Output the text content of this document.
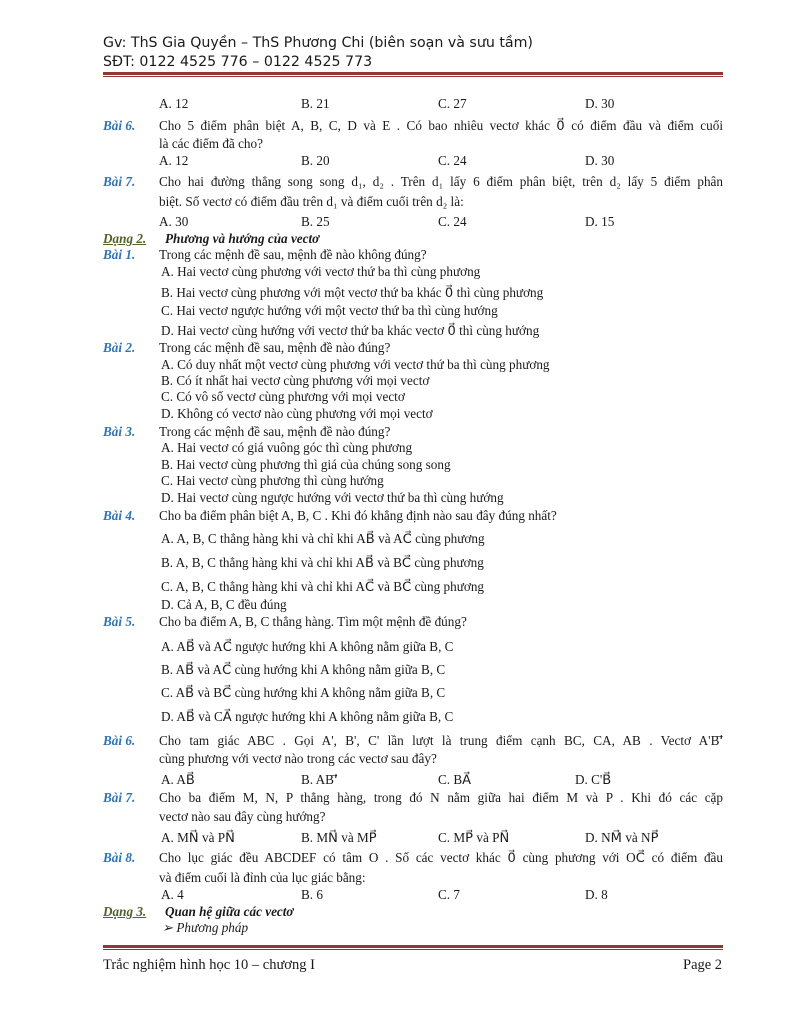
Gv: ThS Gia Quyền – ThS Phương Chi (biên soạn và sưu tầm)
SĐT: 0122 4525 776 – 0122 4525 773
Bài 6.
Bài 7.
Bài 1.
Bài 2.
Bài 3.
Bài 4.
Bài 5.
Bài 6.
Bài 7.
Bài 8.
Dạng 2. Phương và hướng của vectơ
Dạng 3. Quan hệ giữa các vectơ
A. 12	B. 21	C. 27	D. 30
Cho 5 điểm phân biệt A, B, C, D và E . Có bao nhiêu vectơ khác 0⃗ có điểm đầu và điểm cuối
là các điểm đã cho?
A. 12	B. 20	C. 24	D. 30
Cho hai đường thẳng song song d₁, d₂ . Trên d₁ lấy 6 điểm phân biệt, trên d₂ lấy 5 điểm phân
biệt. Số vectơ có điểm đầu trên d₁ và điểm cuối trên d₂ là:
A. 30	B. 25	C. 24	D. 15
Trong các mệnh đề sau, mệnh đề nào không đúng?
A. Hai vectơ cùng phương với vectơ thứ ba thì cùng phương
B. Hai vectơ cùng phương với một vectơ thứ ba khác 0⃗ thì cùng phương
C. Hai vectơ ngược hướng với một vectơ thứ ba thì cùng hướng
D. Hai vectơ cùng hướng với vectơ thứ ba khác vectơ 0⃗ thì cùng hướng
Trong các mệnh đề sau, mệnh đề nào đúng?
A. Có duy nhất một vectơ cùng phương với vectơ thứ ba thì cùng phương
B. Có ít nhất hai vectơ cùng phương với mọi vectơ
C. Có vô số vectơ cùng phương với mọi vectơ
D. Không có vectơ nào cùng phương với mọi vectơ
Trong các mệnh đề sau, mệnh đề nào đúng?
A. Hai vectơ có giá vuông góc thì cùng phương
B. Hai vectơ cùng phương thì giá của chúng song song
C. Hai vectơ cùng phương thì cùng hướng
D. Hai vectơ cùng ngược hướng với vectơ thứ ba thì cùng hướng
Cho ba điểm phân biệt A, B, C . Khi đó khẳng định nào sau đây đúng nhất?
A. A, B, C thẳng hàng khi và chỉ khi AB⃗ và AC⃗ cùng phương
B. A, B, C thẳng hàng khi và chỉ khi AB⃗ và BC⃗ cùng phương
C. A, B, C thẳng hàng khi và chỉ khi AC⃗ và BC⃗ cùng phương
D. Cả A, B, C đều đúng
Cho ba điểm A, B, C thẳng hàng. Tìm một mệnh đề đúng?
A. AB⃗ và AC⃗ ngược hướng khi A không nằm giữa B, C
B. AB⃗ và AC⃗ cùng hướng khi A không nằm giữa B, C
C. AB⃗ và BC⃗ cùng hướng khi A không nằm giữa B, C
D. AB⃗ và CA⃗ ngược hướng khi A không nằm giữa B, C
Cho tam giác ABC . Gọi A', B', C' lần lượt là trung điểm cạnh BC, CA, AB . Vectơ A'B'⃗
cùng phương với vectơ nào trong các vectơ sau đây?
A. AB⃗	B. AB'⃗	C. BA⃗	D. C'B⃗
Cho ba điểm M, N, P thẳng hàng, trong đó N nằm giữa hai điểm M và P . Khi đó các cặp
vectơ nào sau đây cùng hướng?
A. MN⃗ và PN⃗	B. MN⃗ và MP⃗	C. MP⃗ và PN⃗	D. NM⃗ và NP⃗
Cho lục giác đều ABCDEF có tâm O . Số các vectơ khác 0⃗ cùng phương với OC⃗ có điểm đầu
và điểm cuối là đỉnh của lục giác bằng:
A. 4	B. 6	C. 7	D. 8
➢ Phương pháp
Trắc nghiệm hình học 10 – chương I	Page 2
